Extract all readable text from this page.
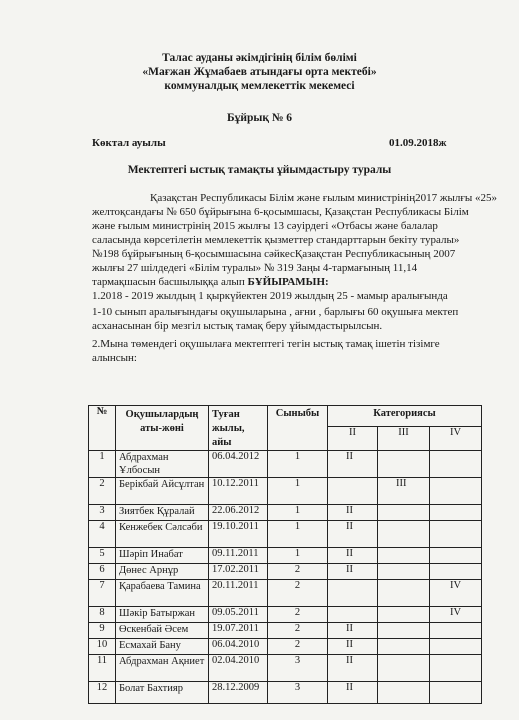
Талас ауданы әкімдігінің білім бөлімі
«Мағжан Жұмабаев атындағы орта мектебі»
коммуналдық мемлекеттік мекемесі
Бұйрық № 6
Көктал ауылы	01.09.2018ж
Мектептегі ыстық тамақты ұйымдастыру туралы
Қазақстан Республикасы Білім және ғылым министрінің2017 жылғы «25»
желтоқсандағы № 650 бұйрығына 6-қосымшасы, Қазақстан Республикасы Білім
және ғылым министрінің 2015 жылғы 13 сәуірдегі «Отбасы және балалар
саласында көрсетілетін мемлекеттік қызметтер стандарттарын бекіту туралы»
№198 бұйрығының 6-қосымшасына сәйкесҚазақстан Республикасының 2007
жылғы 27 шілдедегі «Білім туралы» № 319 Заңы 4-тармағының 11,14
тармақшасын басшылыққа алып БҰЙЫРАМЫН:
1.2018 - 2019 жылдың 1 қыркүйектен 2019 жылдың 25 - мамыр аралығында
1-10 сынып аралығындағы оқушыларына , ағни , барлығы 60 оқушыға мектеп
асханасынан бір мезгіл ыстық тамақ беру ұйымдастырылсын.
2.Мына төмендегі оқушылаға мектептегі тегін ыстық тамақ ішетін тізімге
алынсын:
№	Оқушылардың аты-жөні	Туған жылы, айы	Сыныбы	Категориясы		
				II	III	IV
1	Абдрахман Ұлбосын	06.04.2012	1	II		
2	Берікбай Айсұлтан	10.12.2011	1		III	
3	Зиятбек Құралай	22.06.2012	1	II		
4	Кенжебек Сәлсәби	19.10.2011	1	II		
5	Шәріп Инабат	09.11.2011	1	II		
6	Дөнес Арнұр	17.02.2011	2	II		
7	Қарабаева Тамина	20.11.2011	2			IV
8	Шәкір Батыржан	09.05.2011	2			IV
9	Өскенбай Әсем	19.07.2011	2	II		
10	Есмахай Бану	06.04.2010	2	II		
11	Абдрахман Ақниет	02.04.2010	3	II		
12	Болат Бахтияр	28.12.2009	3	II		
